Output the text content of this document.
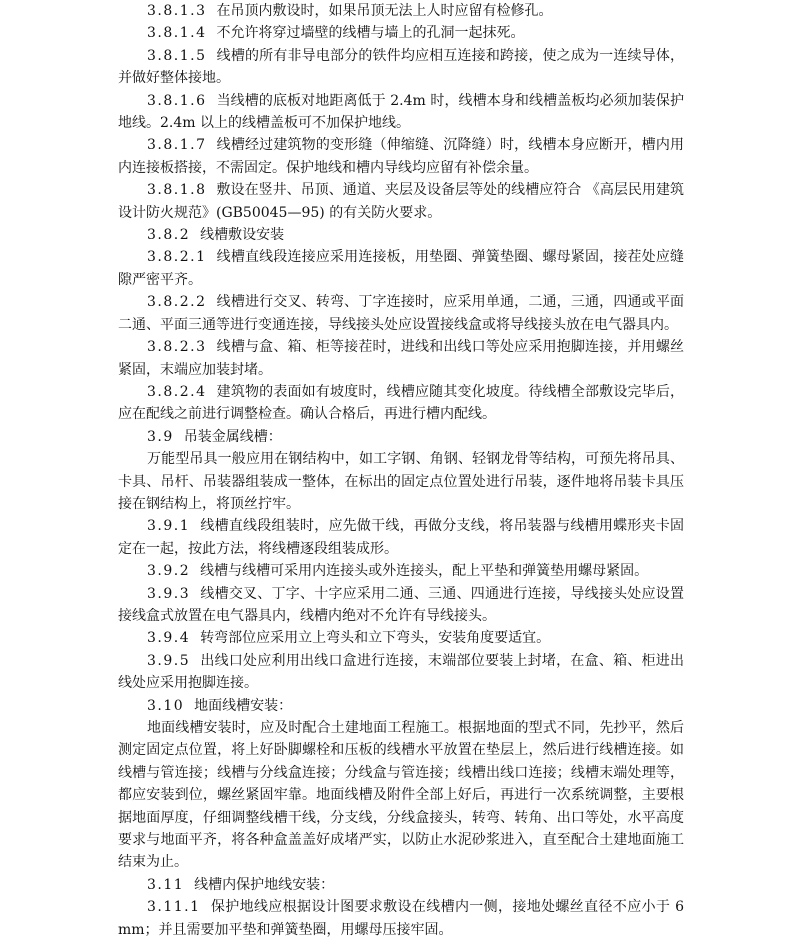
3.8.1.3 在吊顶内敷设时，如果吊顶无法上人时应留有检修孔。

3.8.1.4 不允许将穿过墙壁的线槽与墙上的孔洞一起抹死。

3.8.1.5 线槽的所有非导电部分的铁件均应相互连接和跨接，使之成为一连续导体，并做好整体接地。

3.8.1.6 当线槽的底板对地距离低于 2.4m 时，线槽本身和线槽盖板均必须加装保护地线。2.4m 以上的线槽盖板可不加保护地线。

3.8.1.7 线槽经过建筑物的变形缝（伸缩缝、沉降缝）时，线槽本身应断开，槽内用内连接板搭接，不需固定。保护地线和槽内导线均应留有补偿余量。

3.8.1.8 敷设在竖井、吊顶、通道、夹层及设备层等处的线槽应符合 《高层民用建筑设计防火规范》(GB50045—95) 的有关防火要求。

3.8.2 线槽敷设安装

3.8.2.1 线槽直线段连接应采用连接板，用垫圈、弹簧垫圈、螺母紧固，接茬处应缝隙严密平齐。

3.8.2.2 线槽进行交叉、转弯、丁字连接时，应采用单通，二通，三通，四通或平面二通、平面三通等进行变通连接，导线接头处应设置接线盒或将导线接头放在电气器具内。

3.8.2.3 线槽与盒、箱、柜等接茬时，进线和出线口等处应采用抱脚连接，并用螺丝紧固，末端应加装封堵。

3.8.2.4 建筑物的表面如有坡度时，线槽应随其变化坡度。待线槽全部敷设完毕后，应在配线之前进行调整检查。确认合格后，再进行槽内配线。

3.9 吊装金属线槽：

万能型吊具一般应用在钢结构中，如工字钢、角钢、轻钢龙骨等结构，可预先将吊具、卡具、吊杆、吊装器组装成一整体，在标出的固定点位置处进行吊装，逐件地将吊装卡具压接在钢结构上，将顶丝拧牢。

3.9.1 线槽直线段组装时，应先做干线，再做分支线，将吊装器与线槽用蝶形夹卡固定在一起，按此方法，将线槽逐段组装成形。

3.9.2 线槽与线槽可采用内连接头或外连接头，配上平垫和弹簧垫用螺母紧固。

3.9.3 线槽交叉、丁字、十字应采用二通、三通、四通进行连接，导线接头处应设置接线盒式放置在电气器具内，线槽内绝对不允许有导线接头。

3.9.4 转弯部位应采用立上弯头和立下弯头，安装角度要适宜。

3.9.5 出线口处应利用出线口盒进行连接，末端部位要装上封堵，在盒、箱、柜进出线处应采用抱脚连接。

3.10 地面线槽安装：

地面线槽安装时，应及时配合土建地面工程施工。根据地面的型式不同，先抄平，然后测定固定点位置，将上好卧脚螺栓和压板的线槽水平放置在垫层上，然后进行线槽连接。如线槽与管连接；线槽与分线盒连接；分线盒与管连接；线槽出线口连接；线槽末端处理等，都应安装到位，螺丝紧固牢靠。地面线槽及附件全部上好后，再进行一次系统调整，主要根据地面厚度，仔细调整线槽干线，分支线，分线盒接头，转弯、转角、出口等处，水平高度要求与地面平齐，将各种盒盖盖好成堵严实，以防止水泥砂浆进入，直至配合土建地面施工结束为止。

3.11 线槽内保护地线安装：

3.11.1 保护地线应根据设计图要求敷设在线槽内一侧，接地处螺丝直径不应小于 6mm；并且需要加平垫和弹簧垫圈，用螺母压接牢固。
